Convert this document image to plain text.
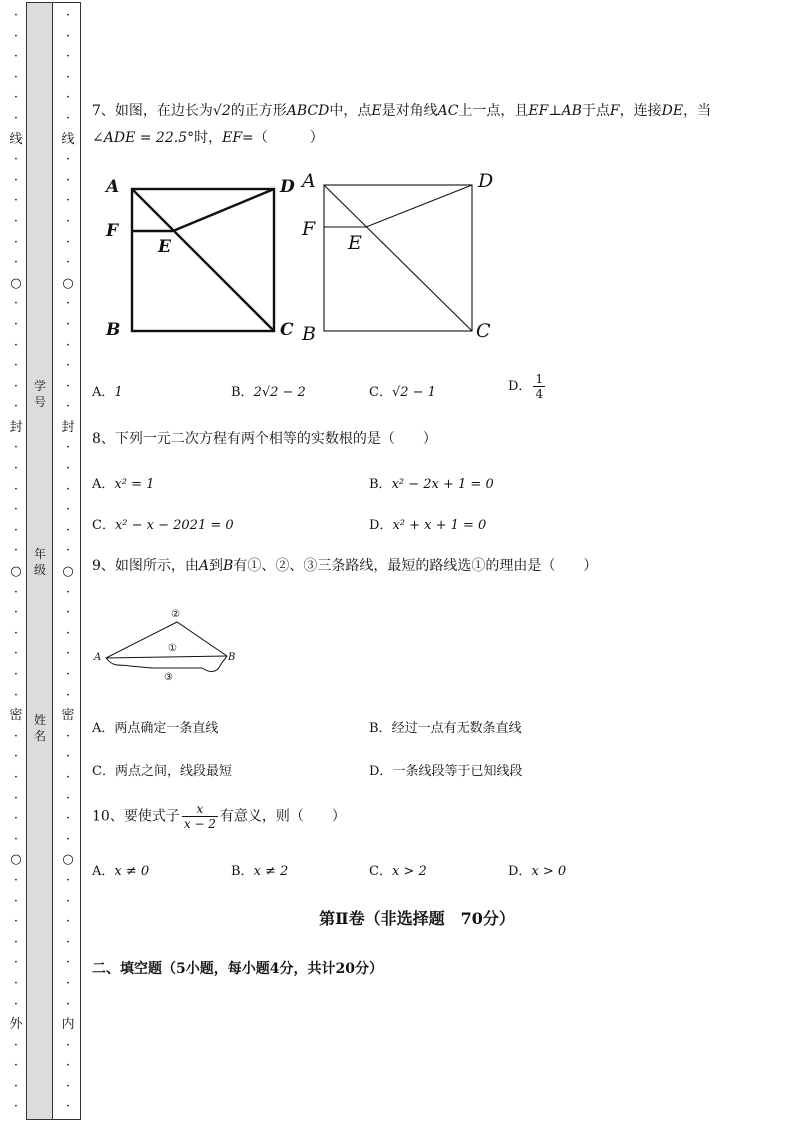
·
·
·
·
·
·
线
·
·
·
·
·
·
○
·
·
·
·
·
·
封
·
·
·
·
·
·
○
·
·
·
·
·
·
密
·
·
·
·
·
·
○
·
·
·
·
·
·
·
外
·
·
·
·
·
·
·
·
·
·
线
·
·
·
·
·
·
○
·
·
·
·
·
·
封
·
·
·
·
·
·
○
·
·
·
·
·
·
密
·
·
·
·
·
·
○
·
·
·
·
·
·
·
内
·
·
·
·
学号
年级
姓名
7、如图，在边长为√2的正方形ABCD中，点E是对角线AC上一点，且EF⊥AB于点F，连接DE，当
∠ADE = 22.5°时，EF=（　　　）
A	D
F
E
B	C
A	D
F
E
B	C
A．1	B．2√2 − 2	C．√2 − 1	D． $\frac{1}{4}$
8、下列一元二次方程有两个相等的实数根的是（　　）
A．x² = 1	B．x² − 2x + 1 = 0
C．x² − x − 2021 = 0	D．x² + x + 1 = 0
9、如图所示，由A到B有①、②、③三条路线，最短的路线选①的理由是（　　）
A	B
①
②
③
A．两点确定一条直线	B．经过一点有无数条直线
C．两点之间，线段最短	D．一条线段等于已知线段
10、要使式子 $\frac{x}{x - 2}$ 有意义，则（　　）
A．x ≠ 0	B．x ≠ 2	C．x > 2	D．x > 0
第Ⅱ卷（非选择题　70分）
二、填空题（5小题，每小题4分，共计20分）
